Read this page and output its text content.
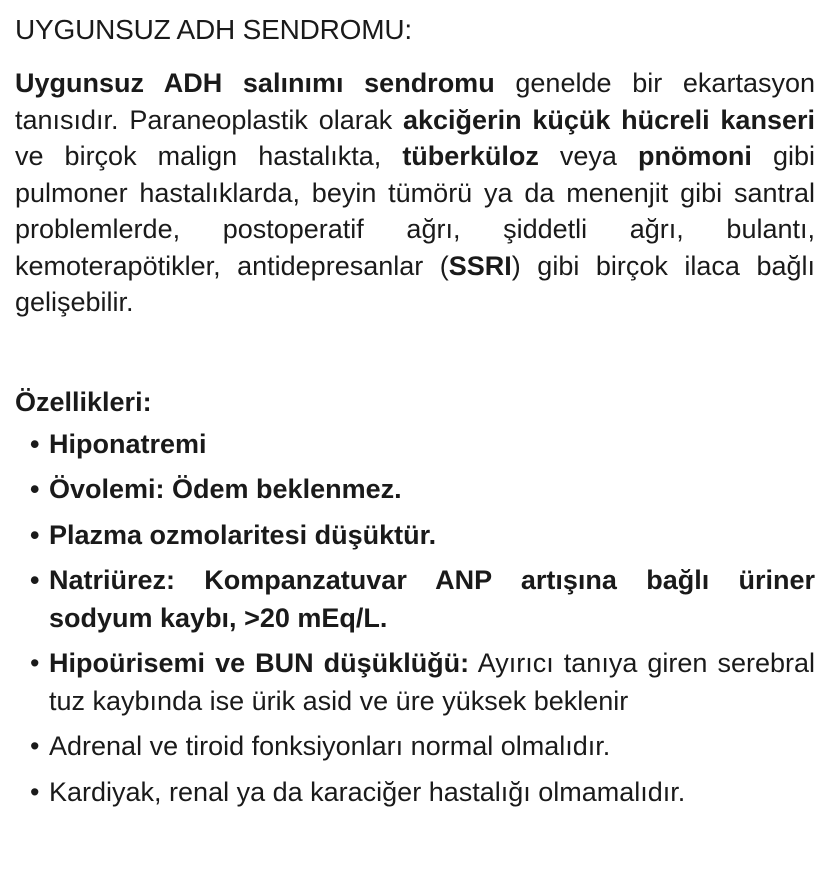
UYGUNSUZ ADH SENDROMU:

Uygunsuz ADH salınımı sendromu genelde bir ekartasyon tanısıdır. Paraneoplastik olarak akciğerin küçük hücreli kanseri ve birçok malign hastalıkta, tüberküloz veya pnömoni gibi pulmoner hastalıklarda, beyin tümörü ya da menenjit gibi santral problemlerde, postoperatif ağrı, şiddetli ağrı, bulantı, kemoterapötikler, antidepresanlar (SSRI) gibi birçok ilaca bağlı gelişebilir.

Özellikleri:
• Hiponatremi
• Övolemi: Ödem beklenmez.
• Plazma ozmolaritesi düşüktür.
• Natriürez: Kompanzatuvar ANP artışına bağlı üriner sodyum kaybı, >20 mEq/L.
• Hipoürisemi ve BUN düşüklüğü: Ayırıcı tanıya giren serebral tuz kaybında ise ürik asid ve üre yüksek beklenir
• Adrenal ve tiroid fonksiyonları normal olmalıdır.
• Kardiyak, renal ya da karaciğer hastalığı olmamalıdır.
